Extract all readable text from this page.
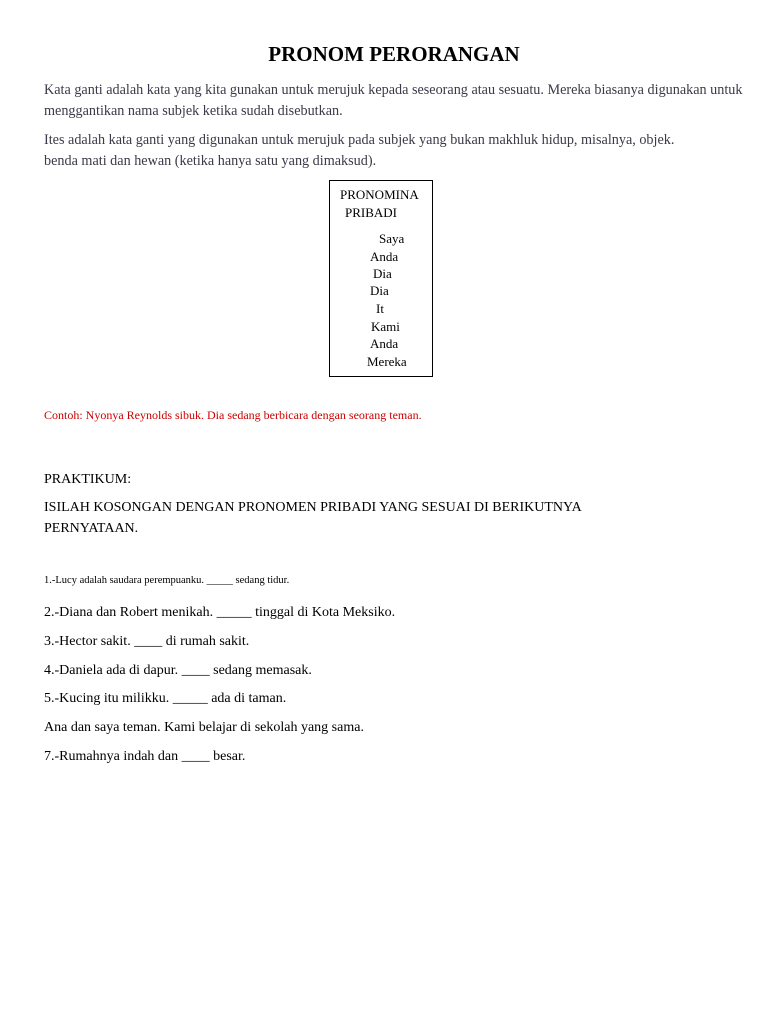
PRONOM PERORANGAN

Kata ganti adalah kata yang kita gunakan untuk merujuk kepada seseorang atau sesuatu. Mereka biasanya digunakan untuk menggantikan nama subjek ketika sudah disebutkan.

Ites adalah kata ganti yang digunakan untuk merujuk pada subjek yang bukan makhluk hidup, misalnya, objek.
benda mati dan hewan (ketika hanya satu yang dimaksud).
PRONOMINA
PRIBADI
Saya
Anda
Dia
Dia
It
Kami
Anda
Mereka

Contoh: Nyonya Reynolds sibuk. Dia sedang berbicara dengan seorang teman.

PRAKTIKUM:

ISILAH KOSONGAN DENGAN PRONOMEN PRIBADI YANG SESUAI DI BERIKUTNYA PERNYATAAN.

1.-Lucy adalah saudara perempuanku. _____ sedang tidur.

2.-Diana dan Robert menikah. _____ tinggal di Kota Meksiko.

3.-Hector sakit. ____ di rumah sakit.

4.-Daniela ada di dapur. ____ sedang memasak.

5.-Kucing itu milikku. _____ ada di taman.

Ana dan saya teman. Kami belajar di sekolah yang sama.

7.-Rumahnya indah dan ____ besar.
